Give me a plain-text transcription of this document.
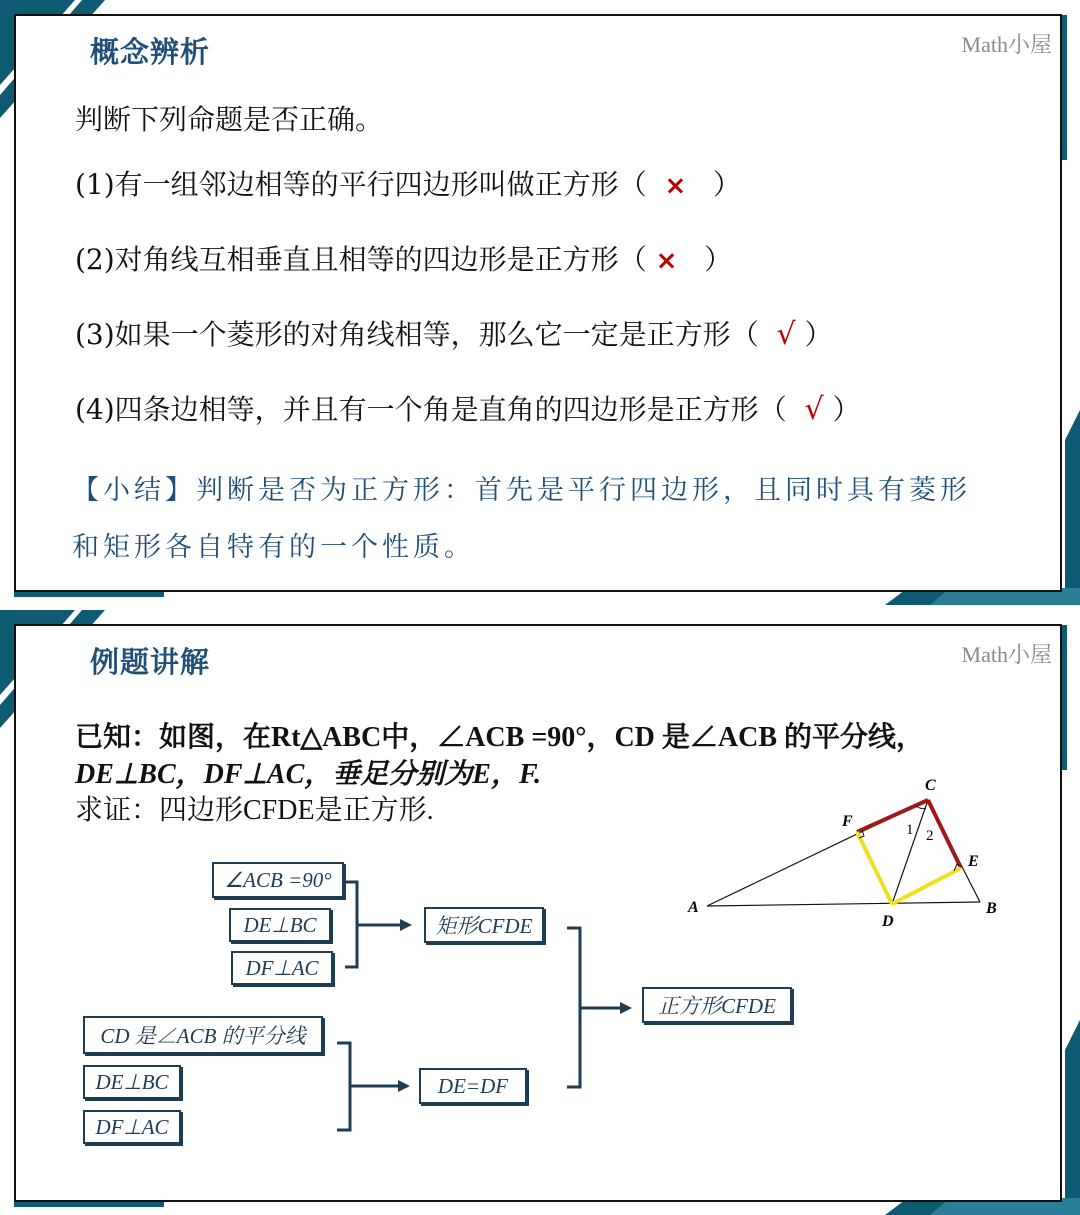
概念辨析	Math小屋
判断下列命题是否正确。
(1)有一组邻边相等的平行四边形叫做正方形（ × ）
(2)对角线互相垂直且相等的四边形是正方形（ × ）
(3)如果一个菱形的对角线相等，那么它一定是正方形（ √ ）
(4)四条边相等，并且有一个角是直角的四边形是正方形（ √ ）
【小结】判断是否为正方形：首先是平行四边形，且同时具有菱形
和矩形各自特有的一个性质。
例题讲解	Math小屋
已知：如图，在Rt△ABC中，∠ACB =90°，CD 是∠ACB 的平分线，
DE⊥BC，DF⊥AC，垂足分别为E，F.
求证：四边形CFDE是正方形.
∠ACB =90°
DE⊥BC
DF⊥AC
矩形CFDE
CD 是∠ACB 的平分线
DE⊥BC
DF⊥AC
DE=DF
正方形CFDE
A	B
C
D
E
F	1 2
